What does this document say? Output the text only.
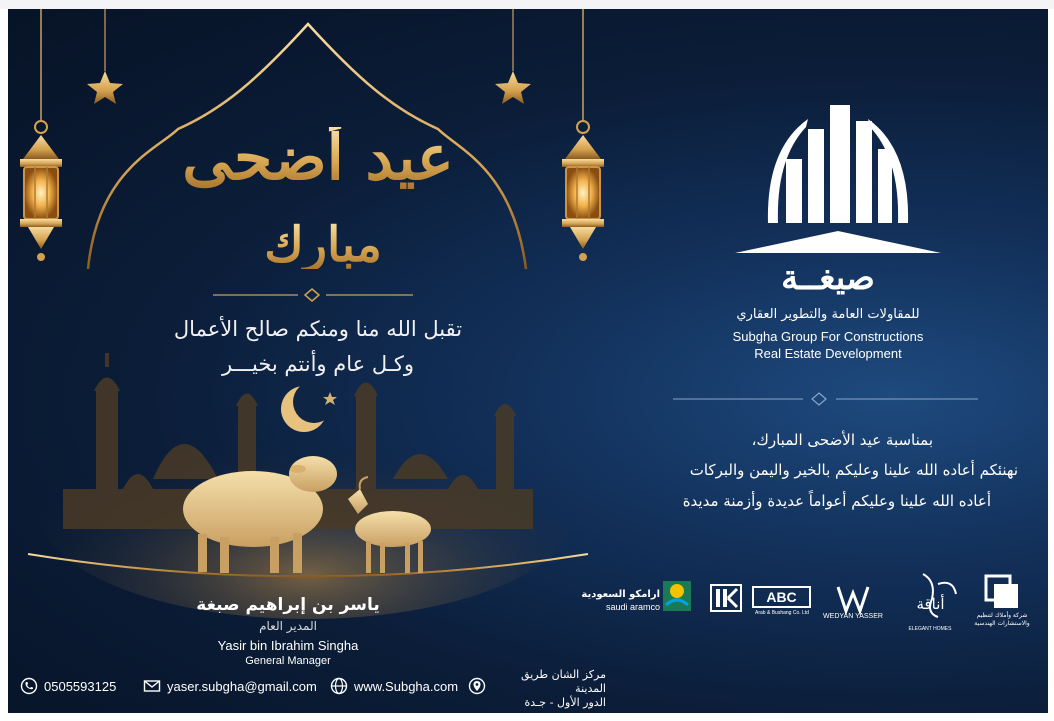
عيد أضحى
مبارك
تقبل الله منا ومنكم صالح الأعمال
وكـل عام وأنتم بخيـــر
ياسر بن إبراهيم صبغة
المدير العام
Yasir bin Ibrahim Singha
General Manager
صيغــة
للمقاولات العامة والتطوير العقاري
Subgha Group For Constructions
Real Estate Development
بمناسبة عيد الأضحى المبارك،
نهنئكم أعاده الله علينا وعليكم بالخير واليمن والبركات
أعاده الله علينا وعليكم أعواماً عديدة وأزمنة مديدة
ارامكو السعودية
saudi aramco
ABC
Arab & Bushang Co. Ltd	WEDYAN YASSER
أناقة
ELEGANT HOMES
شركة وأملاك لتنظيم والاستشارات الهندسية
0505593125	yaser.subgha@gmail.com	www.Subgha.com
مركز الشان طريق المدينة
الدور الأول - جـدة
